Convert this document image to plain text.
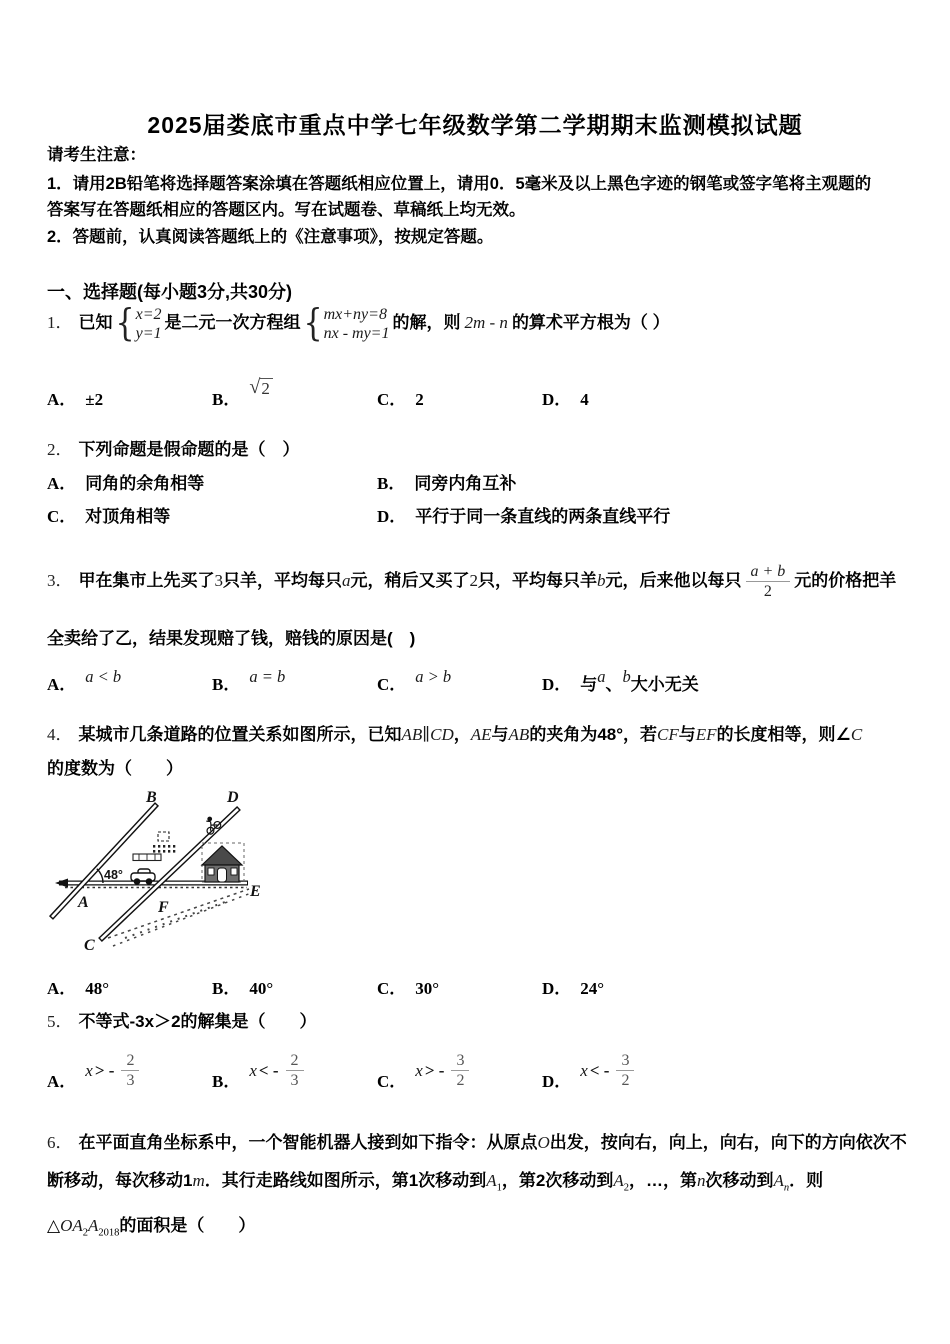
2025届娄底市重点中学七年级数学第二学期期末监测模拟试题
请考生注意：
1．请用2B铅笔将选择题答案涂填在答题纸相应位置上，请用0．5毫米及以上黑色字迹的钢笔或签字笔将主观题的
答案写在答题纸相应的答题区内。写在试题卷、草稿纸上均无效。
2．答题前，认真阅读答题纸上的《注意事项》，按规定答题。
一、选择题(每小题3分,共30分)
1． 已知 { x=2
y=1
是二元一次方程组 { mx+ny=8
nx - my=1
的解，则 2m - n 的算术平方根为（ ）
A． ±2	B．
√ 2
C． 2	D． 4
2． 下列命题是假命题的是（　）
A． 同角的余角相等	B． 同旁内角互补
C． 对顶角相等	D． 平行于同一条直线的两条直线平行
3． 甲在集市上先买了3只羊，平均每只a元，稍后又买了2只，平均每只羊b元，后来他以每只 $\frac{a + b}{2}$ 元的价格把羊
全卖给了乙，结果发现赔了钱，赔钱的原因是(　)
A． a < b	B． a = b	C． a > b	D． 与 a 、 b 大小无关
4． 某城市几条道路的位置关系如图所示，已知AB∥CD，AE与AB的夹角为48°，若CF与EF的长度相等，则∠C
的度数为（　　）
B	D
A	F
E
C
48°
A． 48°	B． 40°	C． 30°	D． 24°
5． 不等式-3x＞2的解集是（　　）
A．
x > - $\frac{2}{3}$	B．
x < - $\frac{2}{3}$	C．
x > - $\frac{3}{2}$	D．
x < - $\frac{3}{2}$
6． 在平面直角坐标系中，一个智能机器人接到如下指令：从原点O出发，按向右，向上，向右，向下的方向依次不
断移动，每次移动1m．其行走路线如图所示，第1次移动到$A_1$，第2次移动到$A_2$，…，第n次移动到$A_n$．则
$\triangle OA_2A_{2018}$的面积是（　　）
